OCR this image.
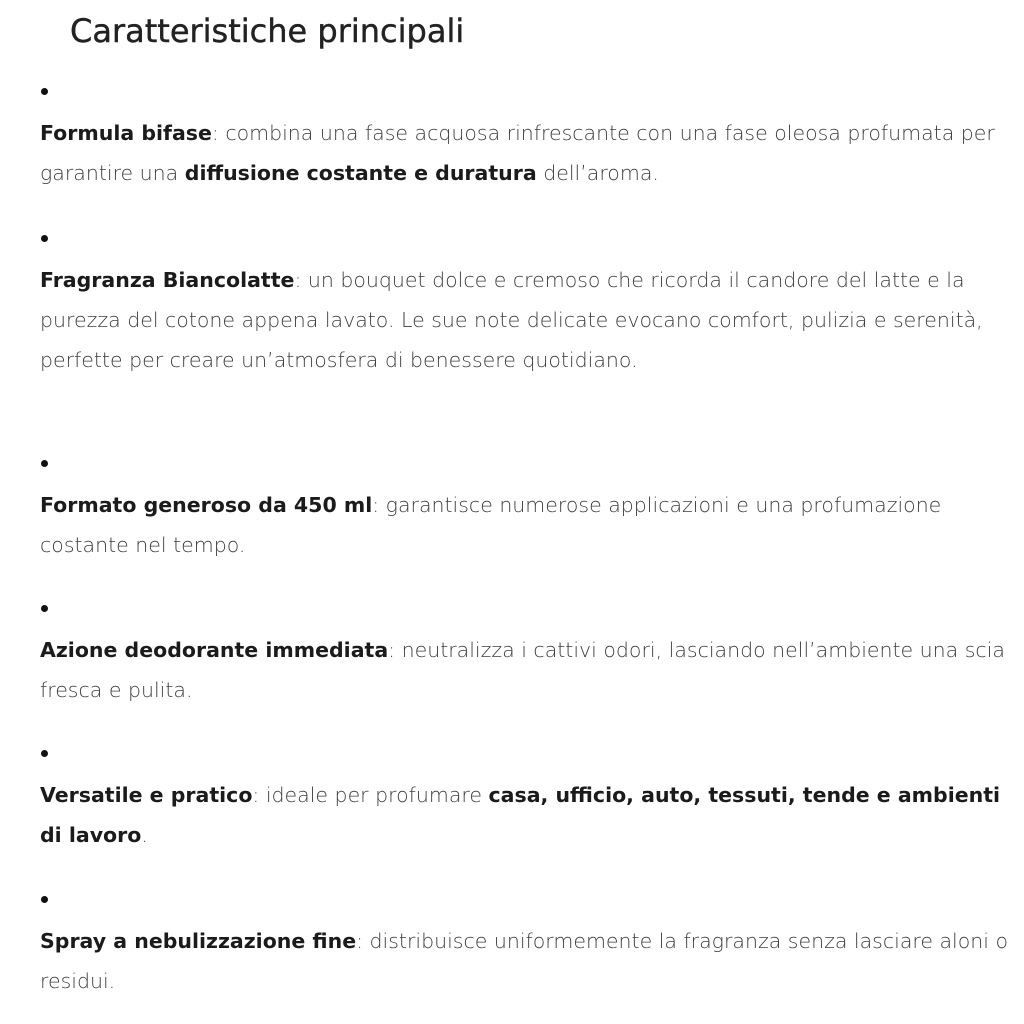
Caratteristiche principali

Formula bifase: combina una fase acquosa rinfrescante con una fase oleosa profumata per garantire una diffusione costante e duratura dell’aroma.

Fragranza Biancolatte: un bouquet dolce e cremoso che ricorda il candore del latte e la purezza del cotone appena lavato. Le sue note delicate evocano comfort, pulizia e serenità, perfette per creare un’atmosfera di benessere quotidiano.

Formato generoso da 450 ml: garantisce numerose applicazioni e una profumazione costante nel tempo.

Azione deodorante immediata: neutralizza i cattivi odori, lasciando nell’ambiente una scia fresca e pulita.

Versatile e pratico: ideale per profumare casa, ufficio, auto, tessuti, tende e ambienti di lavoro.

Spray a nebulizzazione fine: distribuisce uniformemente la fragranza senza lasciare aloni o residui.
